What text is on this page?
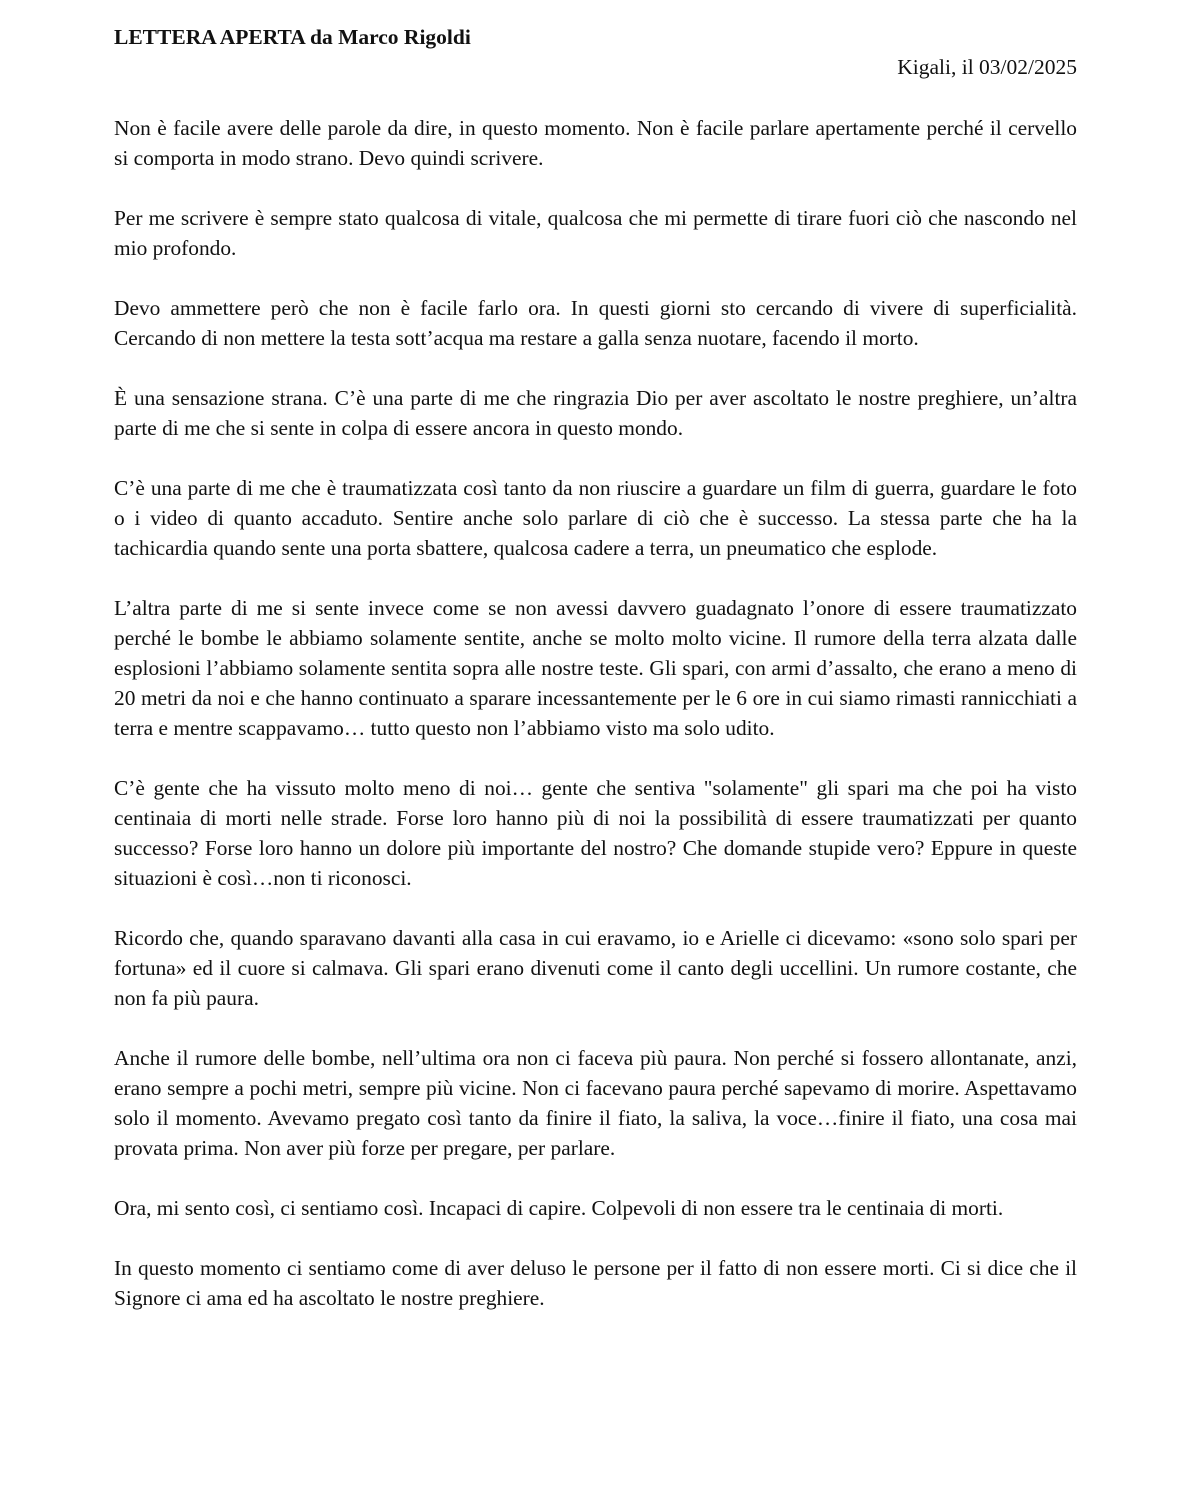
LETTERA APERTA da Marco Rigoldi
Kigali, il 03/02/2025

Non è facile avere delle parole da dire, in questo momento. Non è facile parlare apertamente perché il cervello si comporta in modo strano. Devo quindi scrivere.

Per me scrivere è sempre stato qualcosa di vitale, qualcosa che mi permette di tirare fuori ciò che nascondo nel mio profondo.

Devo ammettere però che non è facile farlo ora. In questi giorni sto cercando di vivere di superficialità. Cercando di non mettere la testa sott’acqua ma restare a galla senza nuotare, facendo il morto.

È una sensazione strana. C’è una parte di me che ringrazia Dio per aver ascoltato le nostre preghiere, un’altra parte di me che si sente in colpa di essere ancora in questo mondo.

C’è una parte di me che è traumatizzata così tanto da non riuscire a guardare un film di guerra, guardare le foto o i video di quanto accaduto. Sentire anche solo parlare di ciò che è successo. La stessa parte che ha la tachicardia quando sente una porta sbattere, qualcosa cadere a terra, un pneumatico che esplode.

L’altra parte di me si sente invece come se non avessi davvero guadagnato l’onore di essere traumatizzato perché le bombe le abbiamo solamente sentite, anche se molto molto vicine. Il rumore della terra alzata dalle esplosioni l’abbiamo solamente sentita sopra alle nostre teste. Gli spari, con armi d’assalto, che erano a meno di 20 metri da noi e che hanno continuato a sparare incessantemente per le 6 ore in cui siamo rimasti rannicchiati a terra e mentre scappavamo… tutto questo non l’abbiamo visto ma solo udito.

C’è gente che ha vissuto molto meno di noi… gente che sentiva "solamente" gli spari ma che poi ha visto centinaia di morti nelle strade. Forse loro hanno più di noi la possibilità di essere traumatizzati per quanto successo? Forse loro hanno un dolore più importante del nostro? Che domande stupide vero? Eppure in queste situazioni è così…non ti riconosci.

Ricordo che, quando sparavano davanti alla casa in cui eravamo, io e Arielle ci dicevamo: «sono solo spari per fortuna» ed il cuore si calmava. Gli spari erano divenuti come il canto degli uccellini. Un rumore costante, che non fa più paura.

Anche il rumore delle bombe, nell’ultima ora non ci faceva più paura. Non perché si fossero allontanate, anzi, erano sempre a pochi metri, sempre più vicine. Non ci facevano paura perché sapevamo di morire. Aspettavamo solo il momento. Avevamo pregato così tanto da finire il fiato, la saliva, la voce…finire il fiato, una cosa mai provata prima. Non aver più forze per pregare, per parlare.

Ora, mi sento così, ci sentiamo così. Incapaci di capire. Colpevoli di non essere tra le centinaia di morti.

In questo momento ci sentiamo come di aver deluso le persone per il fatto di non essere morti. Ci si dice che il Signore ci ama ed ha ascoltato le nostre preghiere.
